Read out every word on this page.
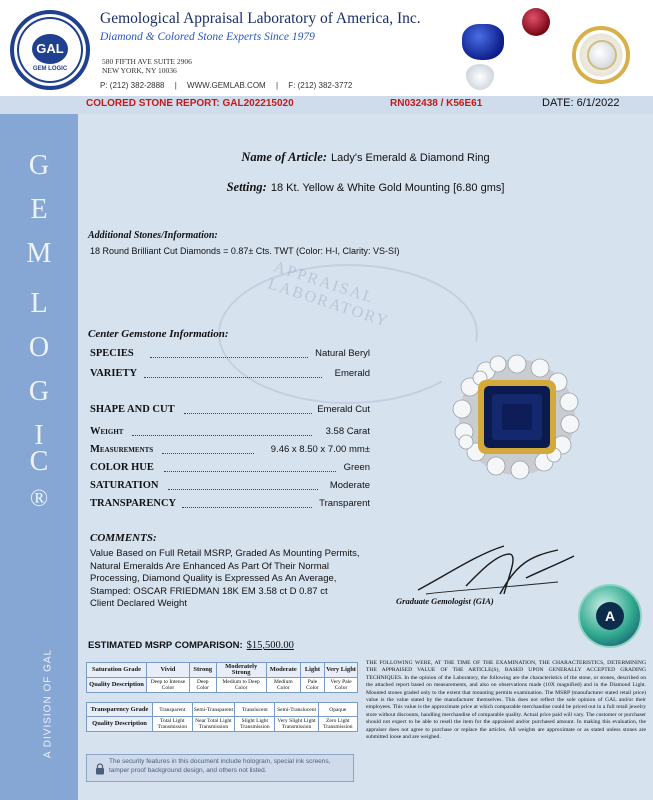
GAL
GEM LOGIC
Gemological Appraisal Laboratory of America, Inc.
Diamond & Colored Stone Experts Since 1979
580 FIFTH AVE SUITE 2906
NEW YORK, NY 10036
P: (212) 382-2888 | WWW.GEMLAB.COM | F: (212) 382-3772
COLORED STONE REPORT: GAL202215020	RN032438 / K56E61	DATE: 6/1/2022
G
E
M
L
O
G
I
C
®
A DIVISION OF GAL
APPRAISAL LABORATORY
Name of Article: Lady's Emerald & Diamond Ring
Setting: 18 Kt. Yellow & White Gold Mounting [6.80 gms]
Additional Stones/Information:
18 Round Brilliant Cut Diamonds = 0.87± Cts. TWT (Color: H-I, Clarity: VS-SI)
Center Gemstone Information:
SPECIES	Natural Beryl
VARIETY	Emerald
SHAPE AND CUT	Emerald Cut
Weight	3.58 Carat
Measurements	9.46 x 8.50 x 7.00 mm±
COLOR HUE	Green
SATURATION	Moderate
TRANSPARENCY	Transparent
COMMENTS:
Value Based on Full Retail MSRP, Graded As Mounting Permits, Natural Emeralds Are Enhanced As Part Of Their Normal Processing, Diamond Quality is Expressed As An Average, Stamped: OSCAR FRIEDMAN 18K EM 3.58 ct D 0.87 ct
Client Declared Weight	Graduate Gemologist (GIA)
A
ESTIMATED MSRP COMPARISON: $15,500.00
Saturation Grade	Vivid	Strong	Moderately Strong	Moderate	Light	Very Light
Quality Description	Deep to Intense Color	Deep Color	Medium to Deep Color	Medium Color	Pale Color	Very Pale Color
Transparency Grade	Transparent	Semi-Transparent	Translucent	Semi-Translucent	Opaque
Quality Description	Total Light Transmission	Near Total Light Transmission	Slight Light Transmission	Very Slight Light Transmission	Zero Light Transmission
THE FOLLOWING WERE, AT THE TIME OF THE EXAMINATION, THE CHARACTERISTICS, DETERMINING THE APPRAISED VALUE OF THE ARTICLE(S), BASED UPON GENERALLY ACCEPTED GRADING TECHNIQUES. In the opinion of the Laboratory, the following are the characteristics of the stone, or stones, described on the attached report based on measurements, and also on observations made (10X magnified) and in the Diamond Light. Mounted stones graded only to the extent that mounting permits examination. The MSRP (manufacturer stated retail price) value is the value stated by the manufacturer themselves. This does not reflect the sole opinion of GAL and/or their employees. This value is the approximate price at which comparable merchandise could be priced out in a full retail jewelry store without discounts, handling merchandise of comparable quality. Actual price paid will vary. The customer or purchaser should not expect to be able to resell the item for the appraised and/or purchased amount. In making this evaluation, the appraiser does not agree to purchase or replace the articles. All weights are approximate or as stated unless stones are submitted loose and are weighed.
The security features in this document include hologram, special ink screens, tamper proof background design, and others not listed.
